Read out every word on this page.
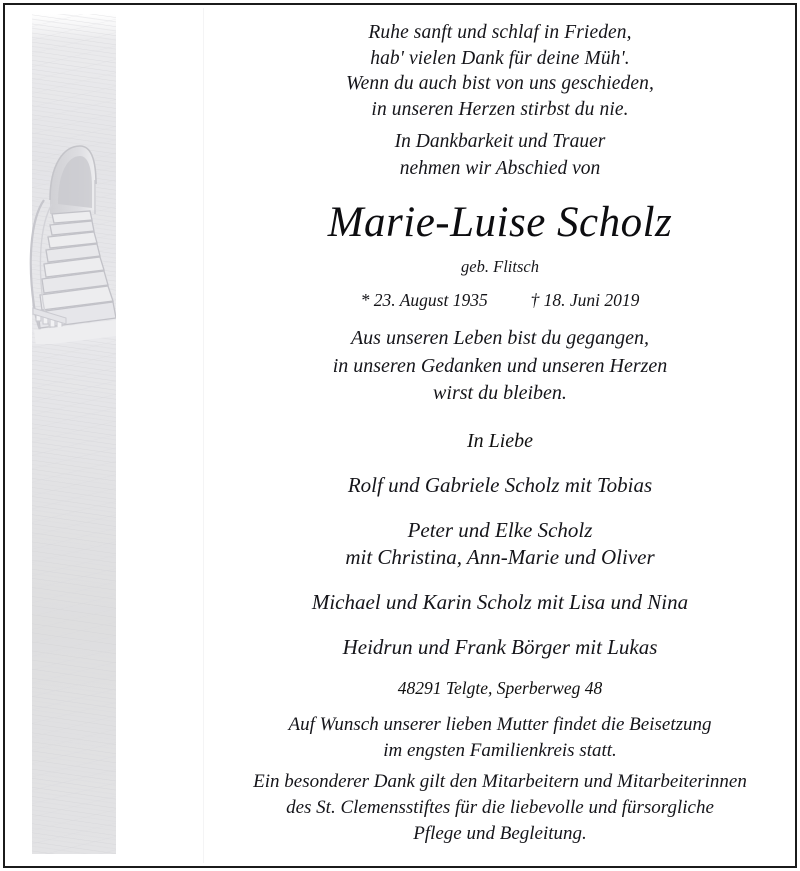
Ruhe sanft und schlaf in Frieden,
hab' vielen Dank für deine Müh'.
Wenn du auch bist von uns geschieden,
in unseren Herzen stirbst du nie.
In Dankbarkeit und Trauer
nehmen wir Abschied von
Marie-Luise Scholz
geb. Flitsch
* 23. August 1935 † 18. Juni 2019
Aus unseren Leben bist du gegangen,
in unseren Gedanken und unseren Herzen
wirst du bleiben.
In Liebe
Rolf und Gabriele Scholz mit Tobias
Peter und Elke Scholz
mit Christina, Ann-Marie und Oliver
Michael und Karin Scholz mit Lisa und Nina
Heidrun und Frank Börger mit Lukas
48291 Telgte, Sperberweg 48
Auf Wunsch unserer lieben Mutter findet die Beisetzung
im engsten Familienkreis statt.
Ein besonderer Dank gilt den Mitarbeitern und Mitarbeiterinnen
des St. Clemensstiftes für die liebevolle und fürsorgliche
Pflege und Begleitung.
